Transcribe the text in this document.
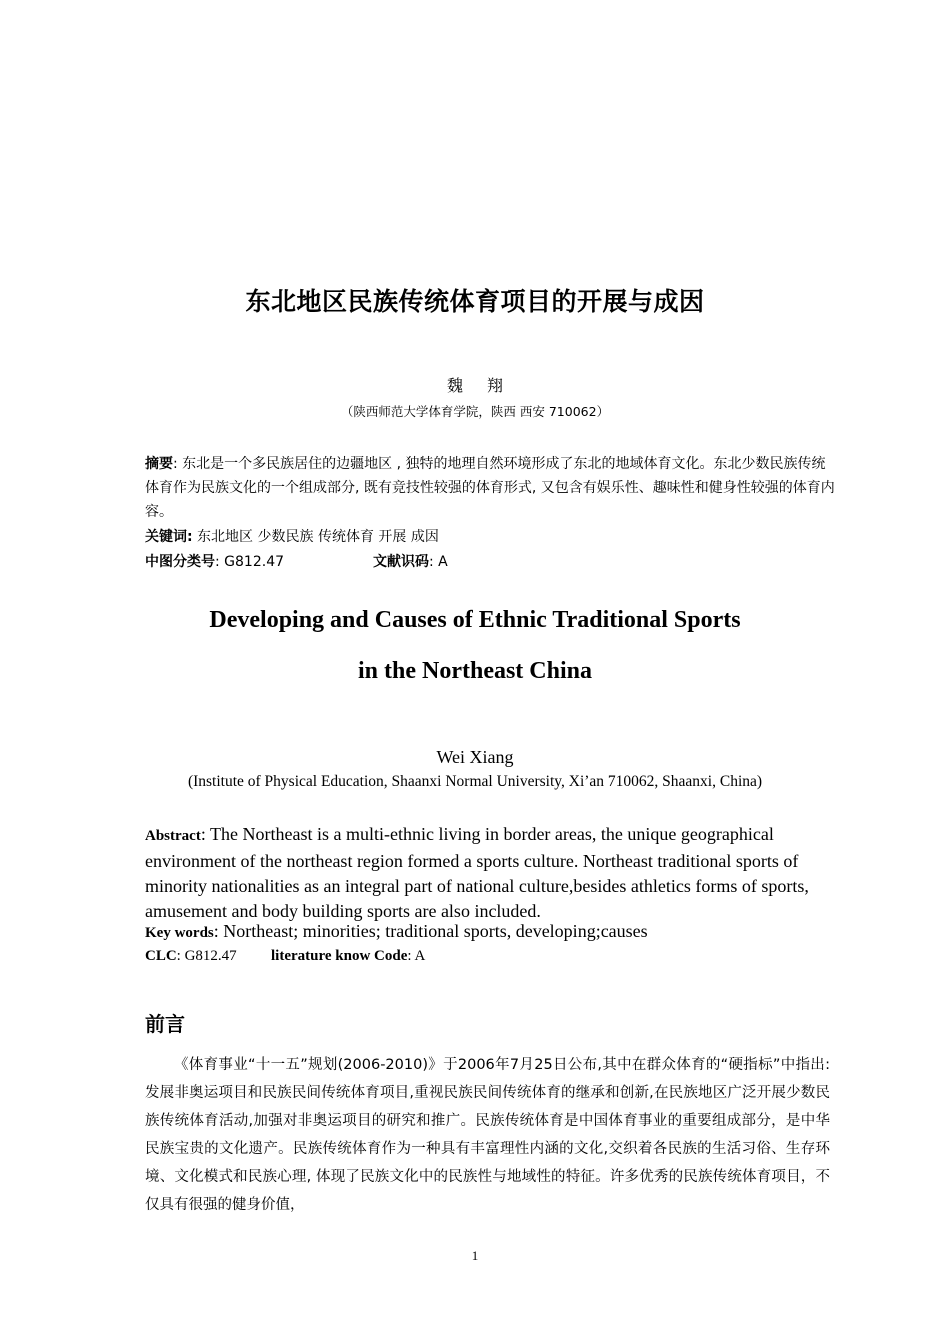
东北地区民族传统体育项目的开展与成因
魏 翔
（陕西师范大学体育学院，陕西 西安 710062）
摘要: 东北是一个多民族居住的边疆地区 , 独特的地理自然环境形成了东北的地域体育文化。东北少数民族传统体育作为民族文化的一个组成部分, 既有竞技性较强的体育形式, 又包含有娱乐性、趣味性和健身性较强的体育内容。
关键词: 东北地区 少数民族 传统体育 开展 成因
中图分类号: G812.47	文献识码: A
Developing and Causes of Ethnic Traditional Sports
in the Northeast China
Wei Xiang
(Institute of Physical Education, Shaanxi Normal University, Xi’an 710062, Shaanxi, China)
Abstract: The Northeast is a multi-ethnic living in border areas, the unique geographical environment of the northeast region formed a sports culture. Northeast traditional sports of minority nationalities as an integral part of national culture,besides athletics forms of sports, amusement and body building sports are also included.
Key words: Northeast; minorities; traditional sports, developing;causes
CLC: G812.47 literature know Code: A
前言
《体育事业“十一五”规划(2006-2010)》于2006年7月25日公布,其中在群众体育的“硬指标”中指出:发展非奥运项目和民族民间传统体育项目,重视民族民间传统体育的继承和创新,在民族地区广泛开展少数民族传统体育活动,加强对非奥运项目的研究和推广。民族传统体育是中国体育事业的重要组成部分，是中华民族宝贵的文化遗产。民族传统体育作为一种具有丰富理性内涵的文化,交织着各民族的生活习俗、生存环境、文化模式和民族心理, 体现了民族文化中的民族性与地域性的特征。许多优秀的民族传统体育项目，不仅具有很强的健身价值，
1
